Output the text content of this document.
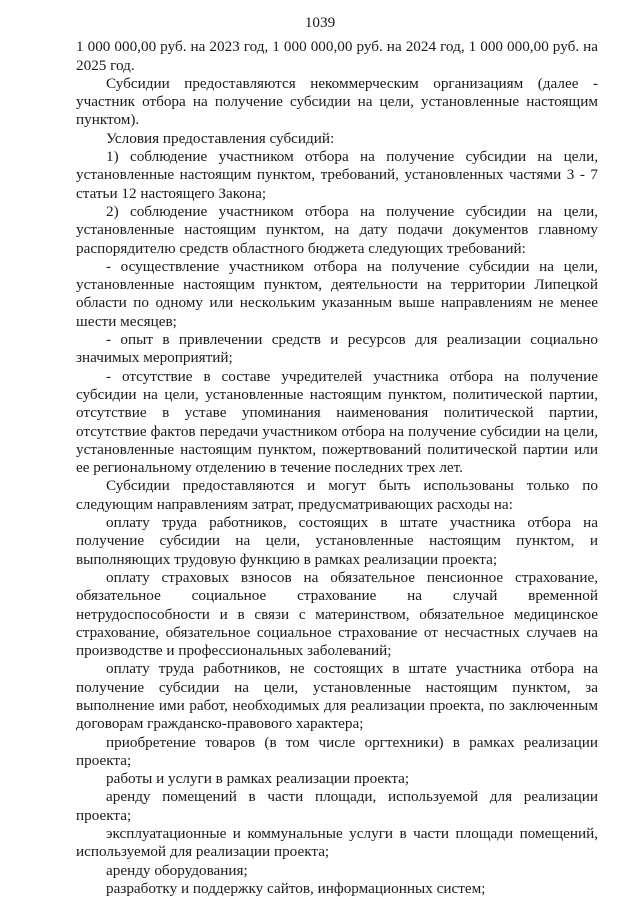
1039

1 000 000,00 руб. на 2023 год, 1 000 000,00 руб. на 2024 год, 1 000 000,00 руб. на 2025 год.

Субсидии предоставляются некоммерческим организациям (далее - участник отбора на получение субсидии на цели, установленные настоящим пунктом).

Условия предоставления субсидий:

1) соблюдение участником отбора на получение субсидии на цели, установленные настоящим пунктом, требований, установленных частями 3 - 7 статьи 12 настоящего Закона;

2) соблюдение участником отбора на получение субсидии на цели, установленные настоящим пунктом, на дату подачи документов главному распорядителю средств областного бюджета следующих требований:

- осуществление участником отбора на получение субсидии на цели, установленные настоящим пунктом, деятельности на территории Липецкой области по одному или нескольким указанным выше направлениям не менее шести месяцев;

- опыт в привлечении средств и ресурсов для реализации социально значимых мероприятий;

- отсутствие в составе учредителей участника отбора на получение субсидии на цели, установленные настоящим пунктом, политической партии, отсутствие в уставе упоминания наименования политической партии, отсутствие фактов передачи участником отбора на получение субсидии на цели, установленные настоящим пунктом, пожертвований политической партии или ее региональному отделению в течение последних трех лет.

Субсидии предоставляются и могут быть использованы только по следующим направлениям затрат, предусматривающих расходы на:

оплату труда работников, состоящих в штате участника отбора на получение субсидии на цели, установленные настоящим пунктом, и выполняющих трудовую функцию в рамках реализации проекта;

оплату страховых взносов на обязательное пенсионное страхование, обязательное социальное страхование на случай временной нетрудоспособности и в связи с материнством, обязательное медицинское страхование, обязательное социальное страхование от несчастных случаев на производстве и профессиональных заболеваний;

оплату труда работников, не состоящих в штате участника отбора на получение субсидии на цели, установленные настоящим пунктом, за выполнение ими работ, необходимых для реализации проекта, по заключенным договорам гражданско-правового характера;

приобретение товаров (в том числе оргтехники) в рамках реализации проекта;

работы и услуги в рамках реализации проекта;

аренду помещений в части площади, используемой для реализации проекта;

эксплуатационные и коммунальные услуги в части площади помещений, используемой для реализации проекта;

аренду оборудования;

разработку и поддержку сайтов, информационных систем;
